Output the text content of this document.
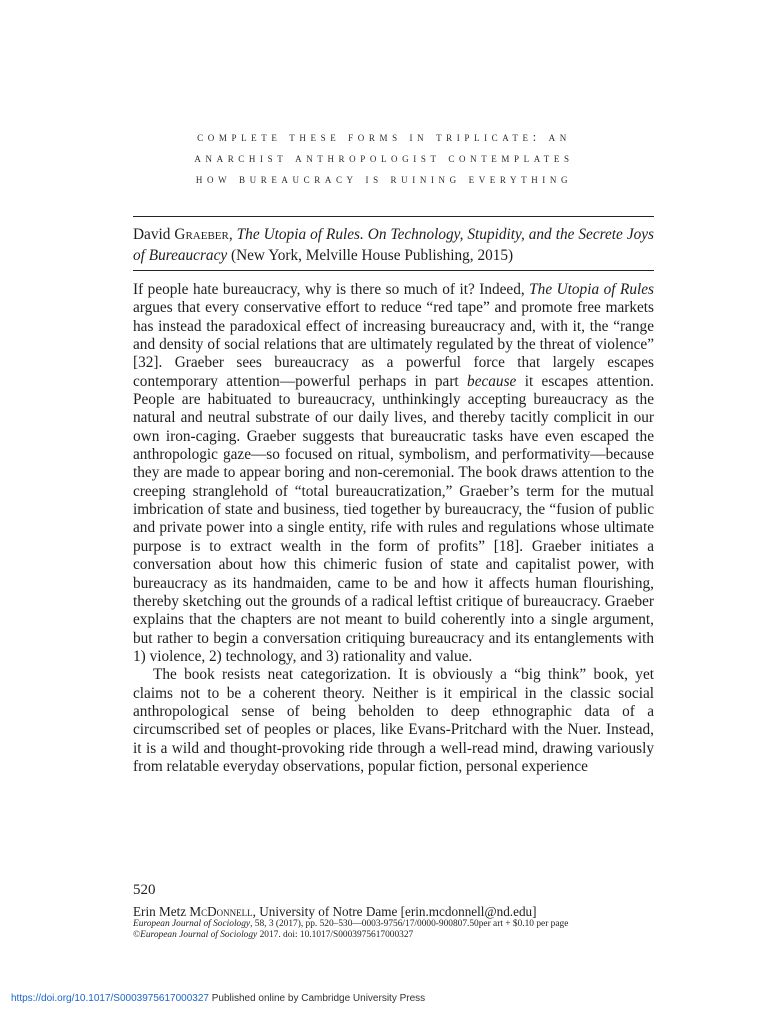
complete these forms in triplicate: an
anarchist anthropologist contemplates
how bureaucracy is ruining everything
David Graeber, The Utopia of Rules. On Technology, Stupidity, and the Secrete Joys of Bureaucracy (New York, Melville House Publishing, 2015)

If people hate bureaucracy, why is there so much of it? Indeed, The Utopia of Rules argues that every conservative effort to reduce “red tape” and promote free markets has instead the paradoxical effect of increasing bureaucracy and, with it, the “range and density of social relations that are ultimately regulated by the threat of violence” [32]. Graeber sees bureaucracy as a powerful force that largely escapes contemporary attention—powerful perhaps in part because it escapes attention. People are habituated to bureaucracy, unthinkingly accepting bureaucracy as the natural and neutral substrate of our daily lives, and thereby tacitly complicit in our own iron-caging. Graeber suggests that bureaucratic tasks have even escaped the anthropologic gaze—so focused on ritual, symbolism, and performativity—because they are made to appear boring and non-ceremonial. The book draws attention to the creeping stranglehold of “total bureaucratization,” Graeber’s term for the mutual imbrication of state and business, tied together by bureaucracy, the “fusion of public and private power into a single entity, rife with rules and regulations whose ultimate purpose is to extract wealth in the form of profits” [18]. Graeber initiates a conversation about how this chimeric fusion of state and capitalist power, with bureaucracy as its handmaiden, came to be and how it affects human flourishing, thereby sketching out the grounds of a radical leftist critique of bureaucracy. Graeber explains that the chapters are not meant to build coherently into a single argument, but rather to begin a conversation critiquing bureaucracy and its entanglements with 1) violence, 2) technology, and 3) rationality and value.

The book resists neat categorization. It is obviously a “big think” book, yet claims not to be a coherent theory. Neither is it empirical in the classic social anthropological sense of being beholden to deep ethnographic data of a circumscribed set of peoples or places, like Evans-Pritchard with the Nuer. Instead, it is a wild and thought-provoking ride through a well-read mind, drawing variously from relatable everyday observations, popular fiction, personal experience

520
Erin Metz McDonnell, University of Notre Dame [erin.mcdonnell@nd.edu]
European Journal of Sociology, 58, 3 (2017), pp. 520–530—0003-9756/17/0000-900807.50per art + $0.10 per page
©European Journal of Sociology 2017. doi: 10.1017/S0003975617000327
https://doi.org/10.1017/S0003975617000327 Published online by Cambridge University Press
